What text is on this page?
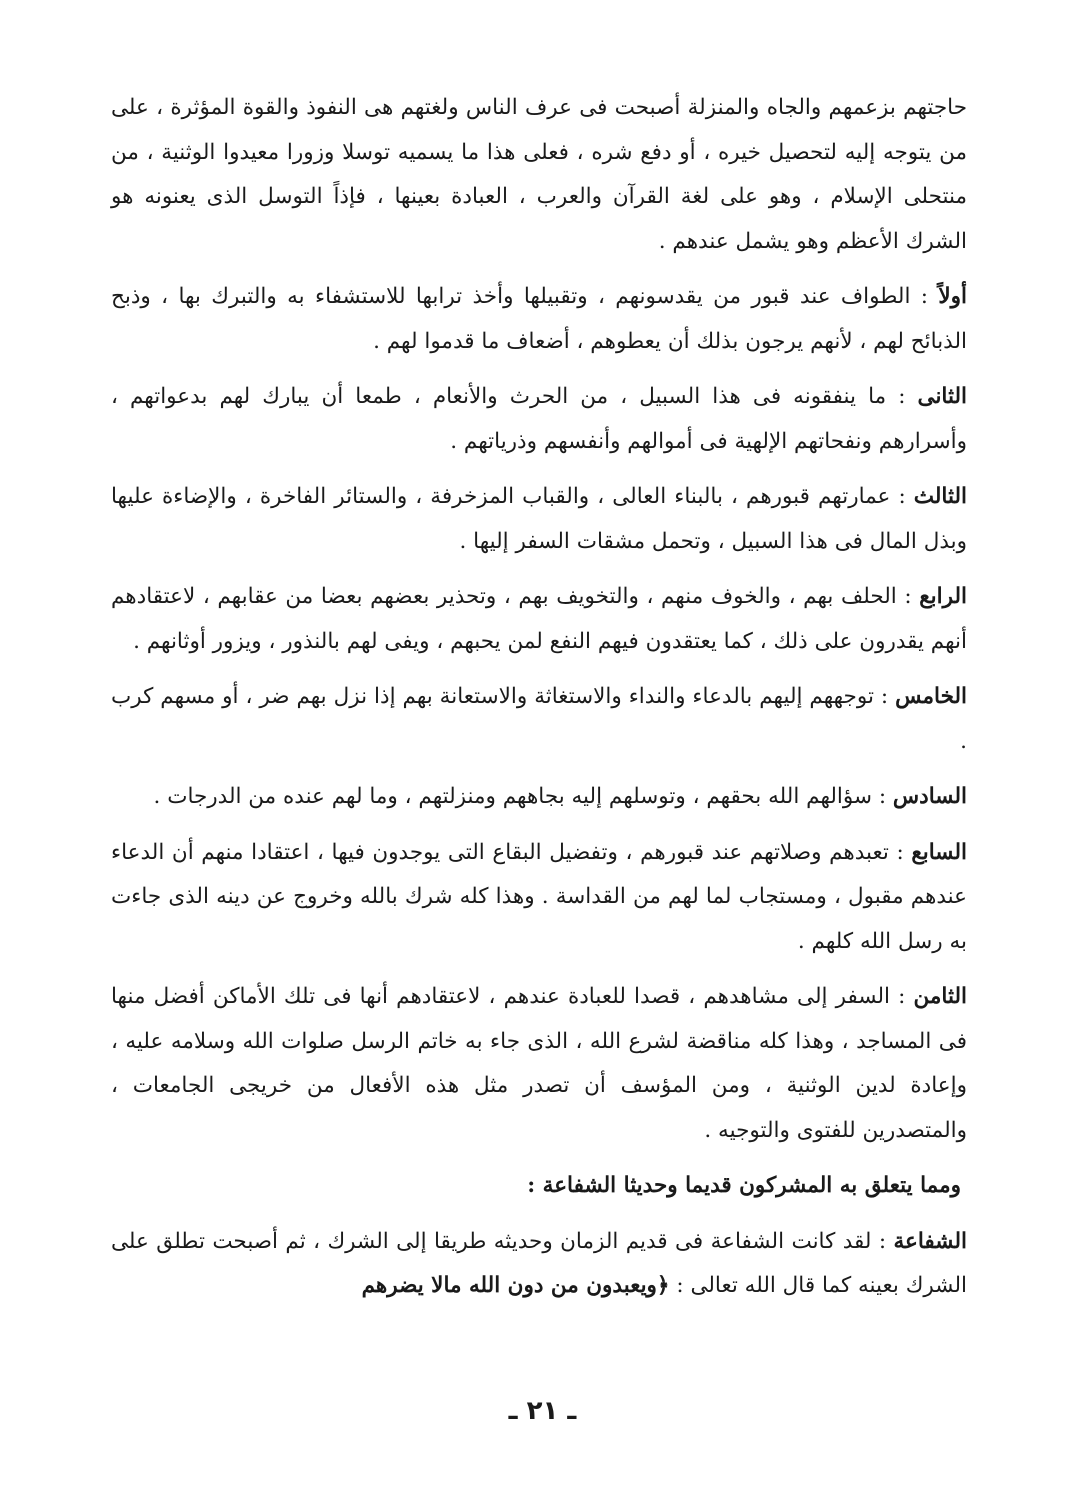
حاجتهم بزعمهم والجاه والمنزلة أصبحت فى عرف الناس ولغتهم هى النفوذ والقوة المؤثرة ، على من يتوجه إليه لتحصيل خيره ، أو دفع شره ، فعلى هذا ما يسميه توسلا وزورا معيدوا الوثنية ، من منتحلى الإسلام ، وهو على لغة القرآن والعرب ، العبادة بعينها ، فإذاً التوسل الذى يعنونه هو الشرك الأعظم وهو يشمل عندهم .

أولاً : الطواف عند قبور من يقدسونهم ، وتقبيلها وأخذ ترابها للاستشفاء به والتبرك بها ، وذبح الذبائح لهم ، لأنهم يرجون بذلك أن يعطوهم ، أضعاف ما قدموا لهم .

الثانى : ما ينفقونه فى هذا السبيل ، من الحرث والأنعام ، طمعا أن يبارك لهم بدعواتهم ، وأسرارهم ونفحاتهم الإلهية فى أموالهم وأنفسهم وذرياتهم .

الثالث : عمارتهم قبورهم ، بالبناء العالى ، والقباب المزخرفة ، والستائر الفاخرة ، والإضاءة عليها وبذل المال فى هذا السبيل ، وتحمل مشقات السفر إليها .

الرابع : الحلف بهم ، والخوف منهم ، والتخويف بهم ، وتحذير بعضهم بعضا من عقابهم ، لاعتقادهم أنهم يقدرون على ذلك ، كما يعتقدون فيهم النفع لمن يحبهم ، ويفى لهم بالنذور ، ويزور أوثانهم .

الخامس : توجههم إليهم بالدعاء والنداء والاستغاثة والاستعانة بهم إذا نزل بهم ضر ، أو مسهم كرب .

السادس : سؤالهم الله بحقهم ، وتوسلهم إليه بجاههم ومنزلتهم ، وما لهم عنده من الدرجات .

السابع : تعبدهم وصلاتهم عند قبورهم ، وتفضيل البقاع التى يوجدون فيها ، اعتقادا منهم أن الدعاء عندهم مقبول ، ومستجاب لما لهم من القداسة . وهذا كله شرك بالله وخروج عن دينه الذى جاءت به رسل الله كلهم .

الثامن : السفر إلى مشاهدهم ، قصدا للعبادة عندهم ، لاعتقادهم أنها فى تلك الأماكن أفضل منها فى المساجد ، وهذا كله مناقضة لشرع الله ، الذى جاء به خاتم الرسل صلوات الله وسلامه عليه ، وإعادة لدين الوثنية ، ومن المؤسف أن تصدر مثل هذه الأفعال من خريجى الجامعات ، والمتصدرين للفتوى والتوجيه .

ومما يتعلق به المشركون قديما وحديثا الشفاعة :

الشفاعة : لقد كانت الشفاعة فى قديم الزمان وحديثه طريقا إلى الشرك ، ثم أصبحت تطلق على الشرك بعينه كما قال الله تعالى : ﴿ويعبدون من دون الله مالا يضرهم

ـ ٢١ ـ
